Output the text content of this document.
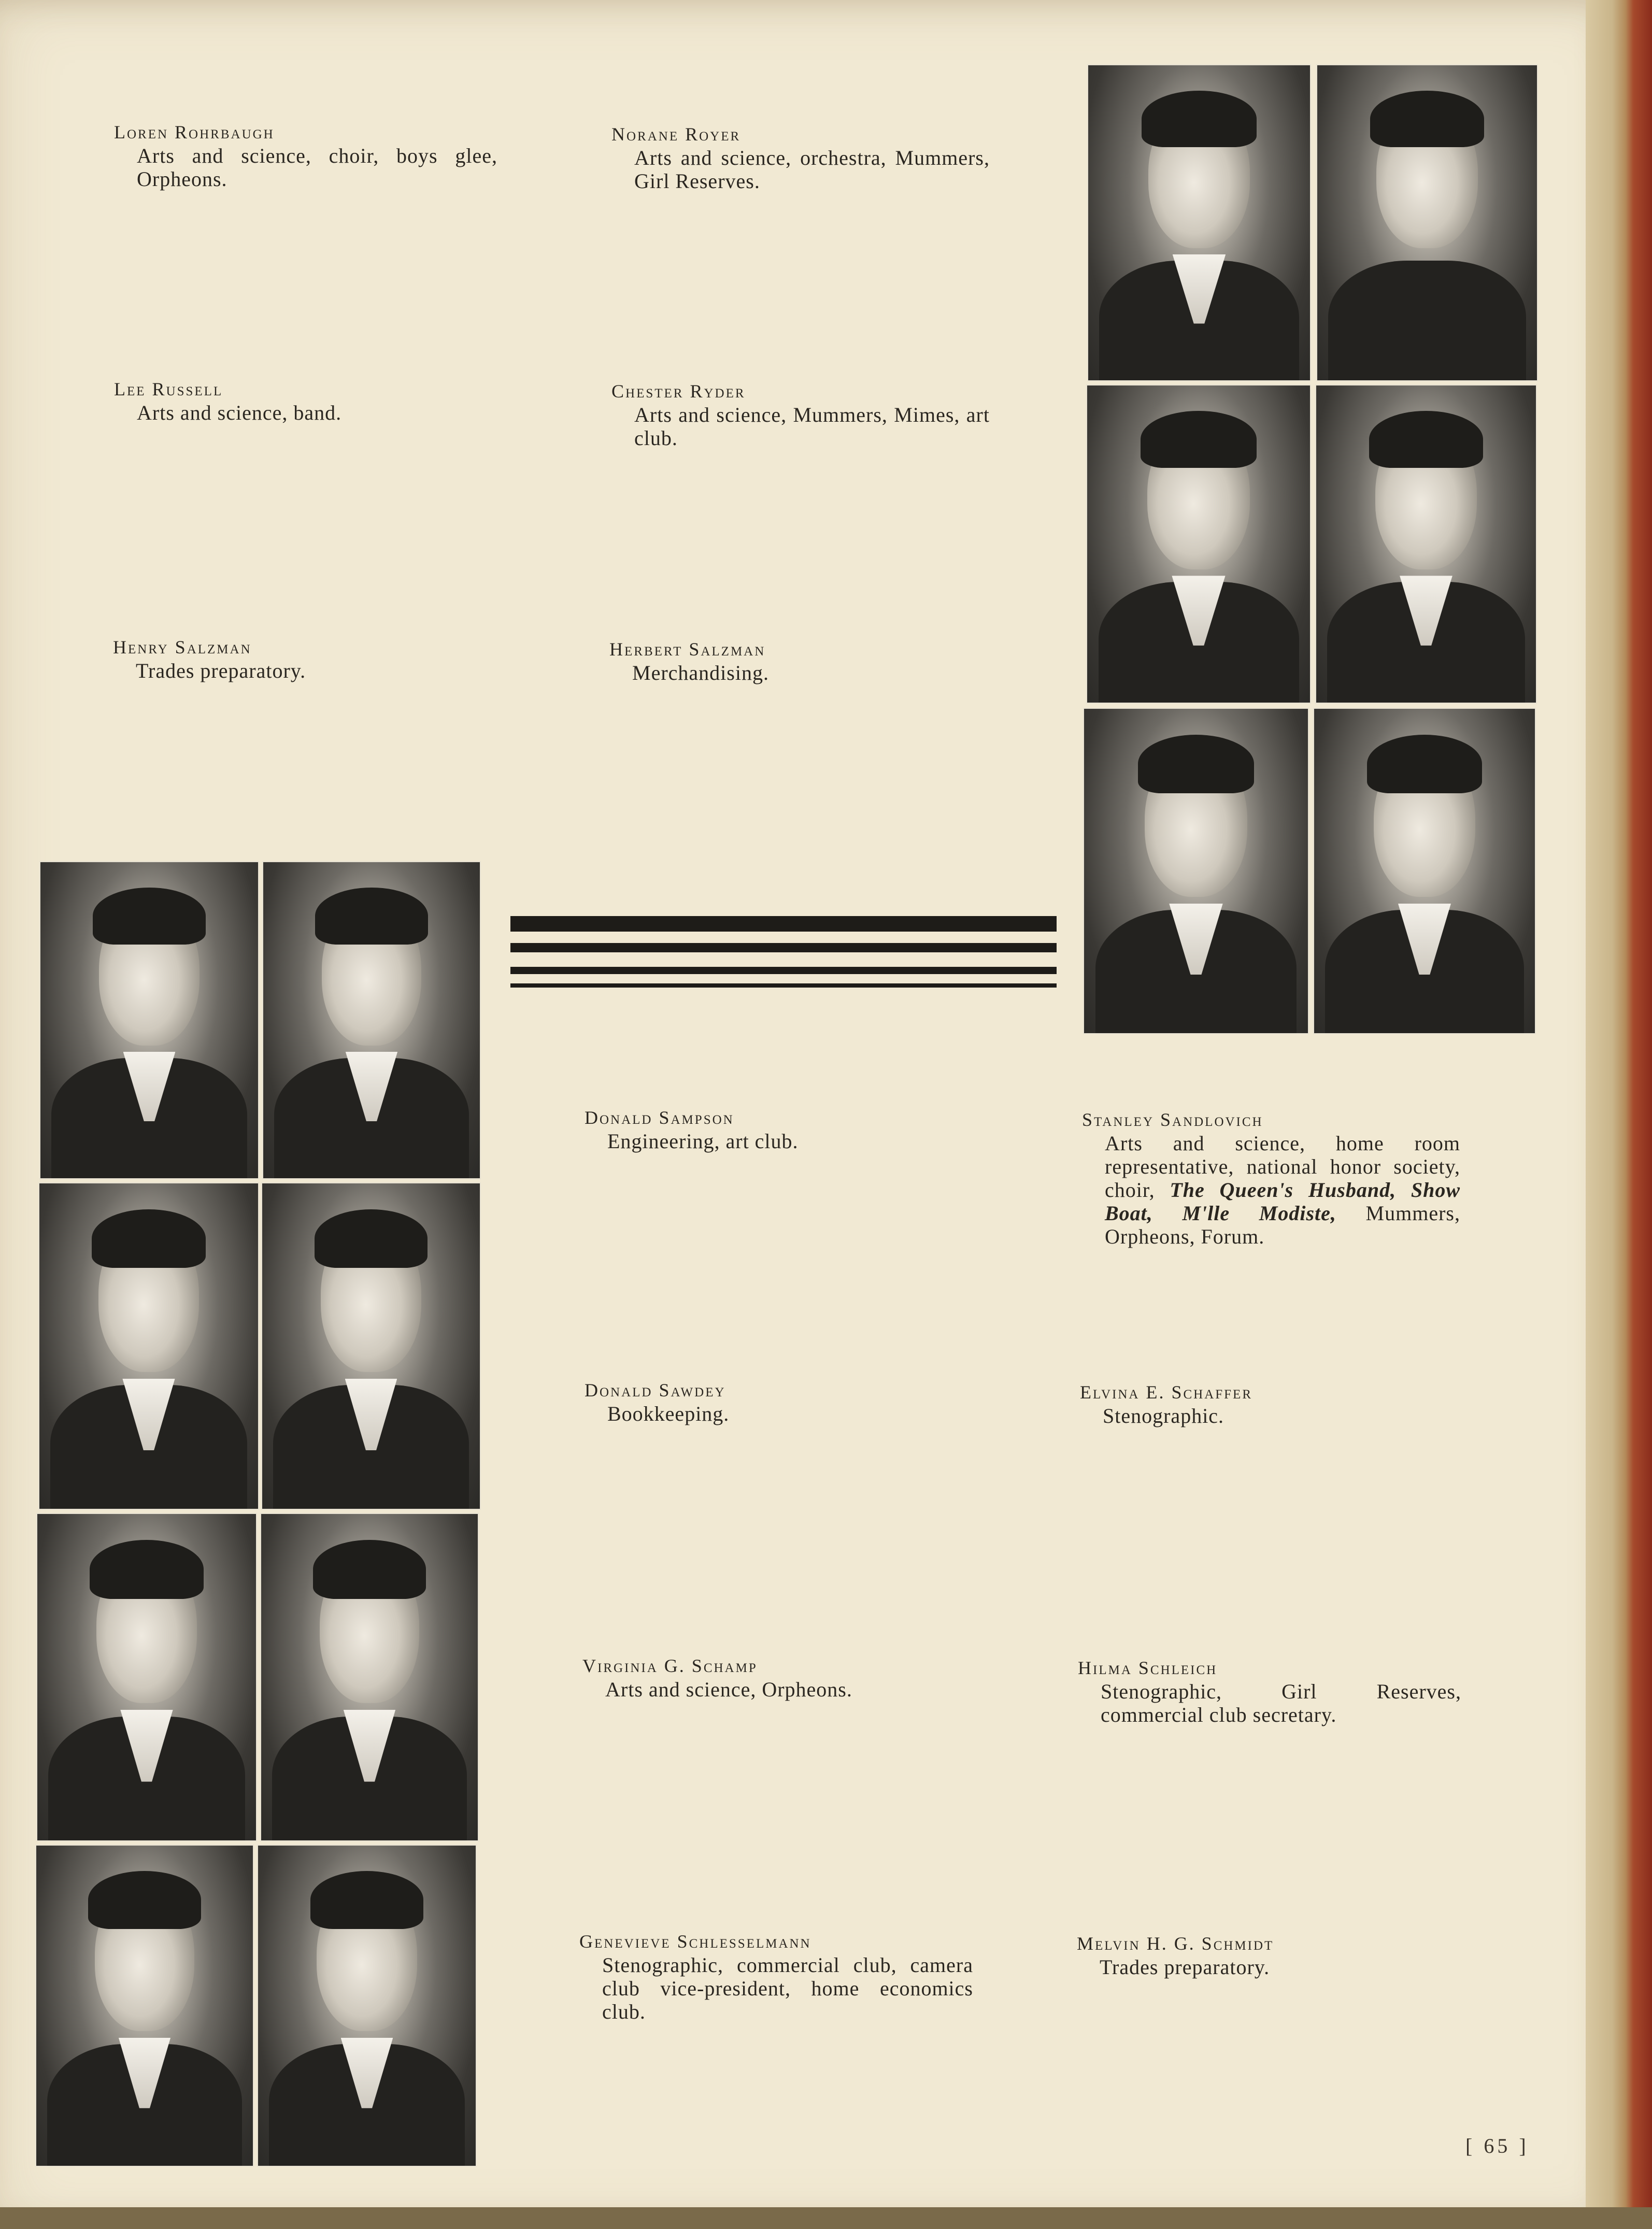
Loren Rohrbaugh
Arts and science, choir, boys glee, Orpheons.
Norane Royer
Arts and science, orchestra, Mummers, Girl Reserves.
Lee Russell
Arts and science, band.
Chester Ryder
Arts and science, Mummers, Mimes, art club.
Henry Salzman
Trades preparatory.
Herbert Salzman
Merchandising.
Donald Sampson
Engineering, art club.
Stanley Sandlovich
Arts and science, home room representative, national honor society, choir, The Queen's Husband, Show Boat, M'lle Modiste, Mummers, Orpheons, Forum.
Donald Sawdey
Bookkeeping.
Elvina E. Schaffer
Stenographic.
Virginia G. Schamp
Arts and science, Orpheons.
Hilma Schleich
Stenographic, Girl Reserves, commercial club secretary.
Genevieve Schlesselmann
Stenographic, commercial club, camera club vice-president, home economics club.
Melvin H. G. Schmidt
Trades preparatory.
[ 65 ]
